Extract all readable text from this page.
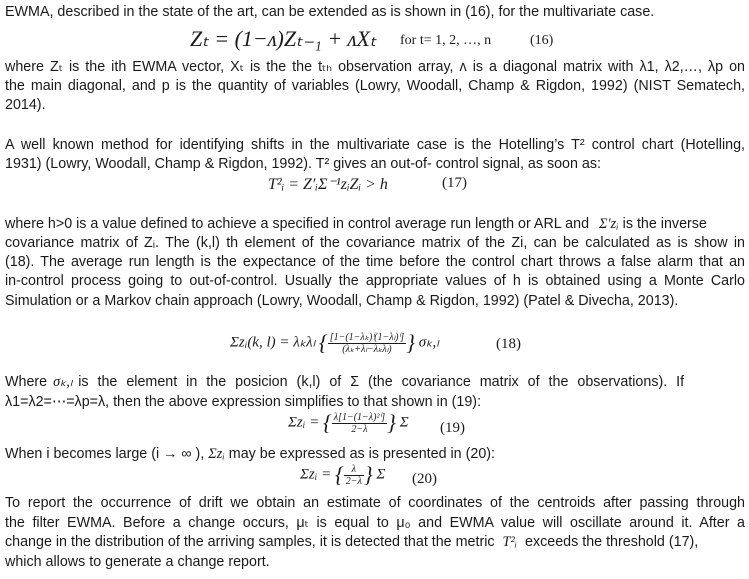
EWMA, described in the state of the art, can be extended as is shown in (16), for the multivariate case.
Zₜ = (1−ᴧ)Zₜ₋₁ + ᴧXₜ for t= 1, 2, …, n	(16)
where Zₜ is the ith EWMA vector, Xₜ is the the tₜₕ observation array, ᴧ is a diagonal matrix with λ1, λ2,…, λp on
the main diagonal, and p is the quantity of variables (Lowry, Woodall, Champ & Rigdon, 1992) (NIST Sematech,
2014).
A well known method for identifying shifts in the multivariate case is the Hotelling’s T² control chart (Hotelling,
1931) (Lowry, Woodall, Champ & Rigdon, 1992). T² gives an out-of- control signal, as soon as:
T²ᵢ = Z′ᵢΣ⁻¹ᴢᵢZᵢ > h	(17)
where h>0 is a value defined to achieve a specified in control average run length or ARL and Σ′ᴢᵢ is the inverse
covariance matrix of Zᵢ. The (k,l) th element of the covariance matrix of the Zi, can be calculated as is show in
(18). The average run length is the expectance of the time before the control chart throws a false alarm that an
in-control process going to out-of-control. Usually the appropriate values of h is obtained using a Monte Carlo
Simulation or a Markov chain approach (Lowry, Woodall, Champ & Rigdon, 1992) (Patel & Divecha, 2013).
Σᴢᵢ(k, l) = λₖλₗ { $\frac{\text{[1−(1−λₖ)ⁱ(1−λₗ)ⁱ]}}{\text{(λₖ+λₗ−λₖλₗ)}}$ } σₖ,ₗ	(18)
Where σₖ,ₗ is the element in the posicion (k,l) of Σ (the covariance matrix of the observations). If
λ1=λ2=⋯=λp=λ, then the above expression simplifies to that shown in (19):
Σᴢᵢ = { $\frac{\text{λ[1−(1−λ)²ⁱ]}}{2-\lambda}$ } Σ (19)
When i becomes large (i → ∞ ), Σᴢᵢ may be expressed as is presented in (20):
Σᴢᵢ = { $\frac{\lambda}{2-\lambda}$ } Σ (20)
To report the occurrence of drift we obtain an estimate of coordinates of the centroids after passing through
the filter EWMA. Before a change occurs, μₜ is equal to μ₀ and EWMA value will oscillate around it. After a
change in the distribution of the arriving samples, it is detected that the metric T²ᵢ exceeds the threshold (17),
which allows to generate a change report.
